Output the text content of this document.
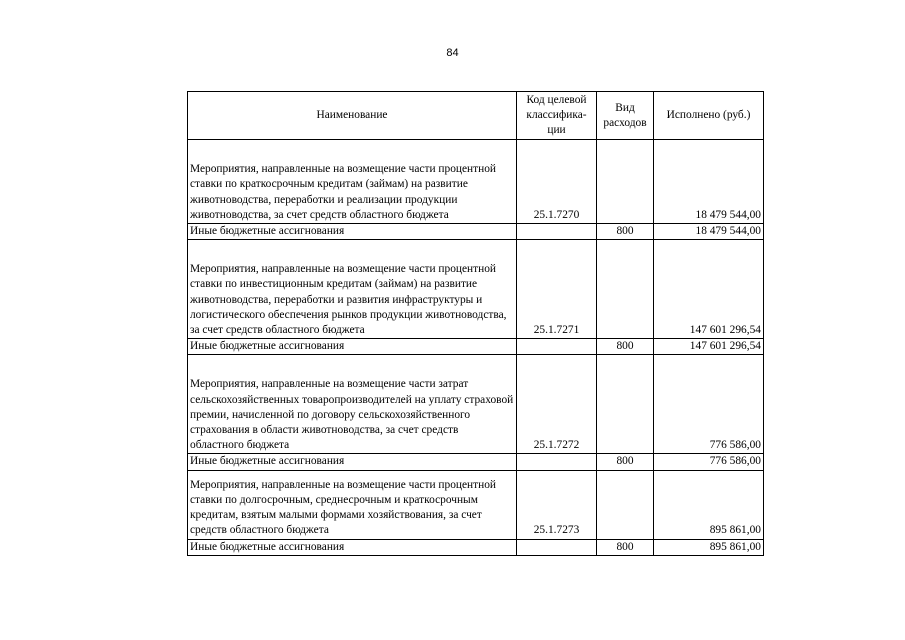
84
Наименование	Код целевой классифика-ции	Вид расходов	Исполнено (руб.)
Мероприятия, направленные на возмещение части процентной ставки по краткосрочным кредитам (займам) на развитие животноводства, переработки и реализации продукции животноводства, за счет средств областного бюджета	25.1.7270		18 479 544,00
Иные бюджетные ассигнования		800	18 479 544,00
Мероприятия, направленные на возмещение части процентной ставки по инвестиционным кредитам (займам) на развитие животноводства, переработки и развития инфраструктуры и логистического обеспечения рынков продукции животноводства, за счет средств областного бюджета	25.1.7271		147 601 296,54
Иные бюджетные ассигнования		800	147 601 296,54
Мероприятия, направленные на возмещение части затрат сельскохозяйственных товаропроизводителей на уплату страховой премии, начисленной по договору сельскохозяйственного страхования в области животноводства, за счет средств областного бюджета	25.1.7272		776 586,00
Иные бюджетные ассигнования		800	776 586,00
Мероприятия, направленные на возмещение части процентной ставки по долгосрочным, среднесрочным и краткосрочным кредитам, взятым малыми формами хозяйствования, за счет средств областного бюджета	25.1.7273		895 861,00
Иные бюджетные ассигнования		800	895 861,00
